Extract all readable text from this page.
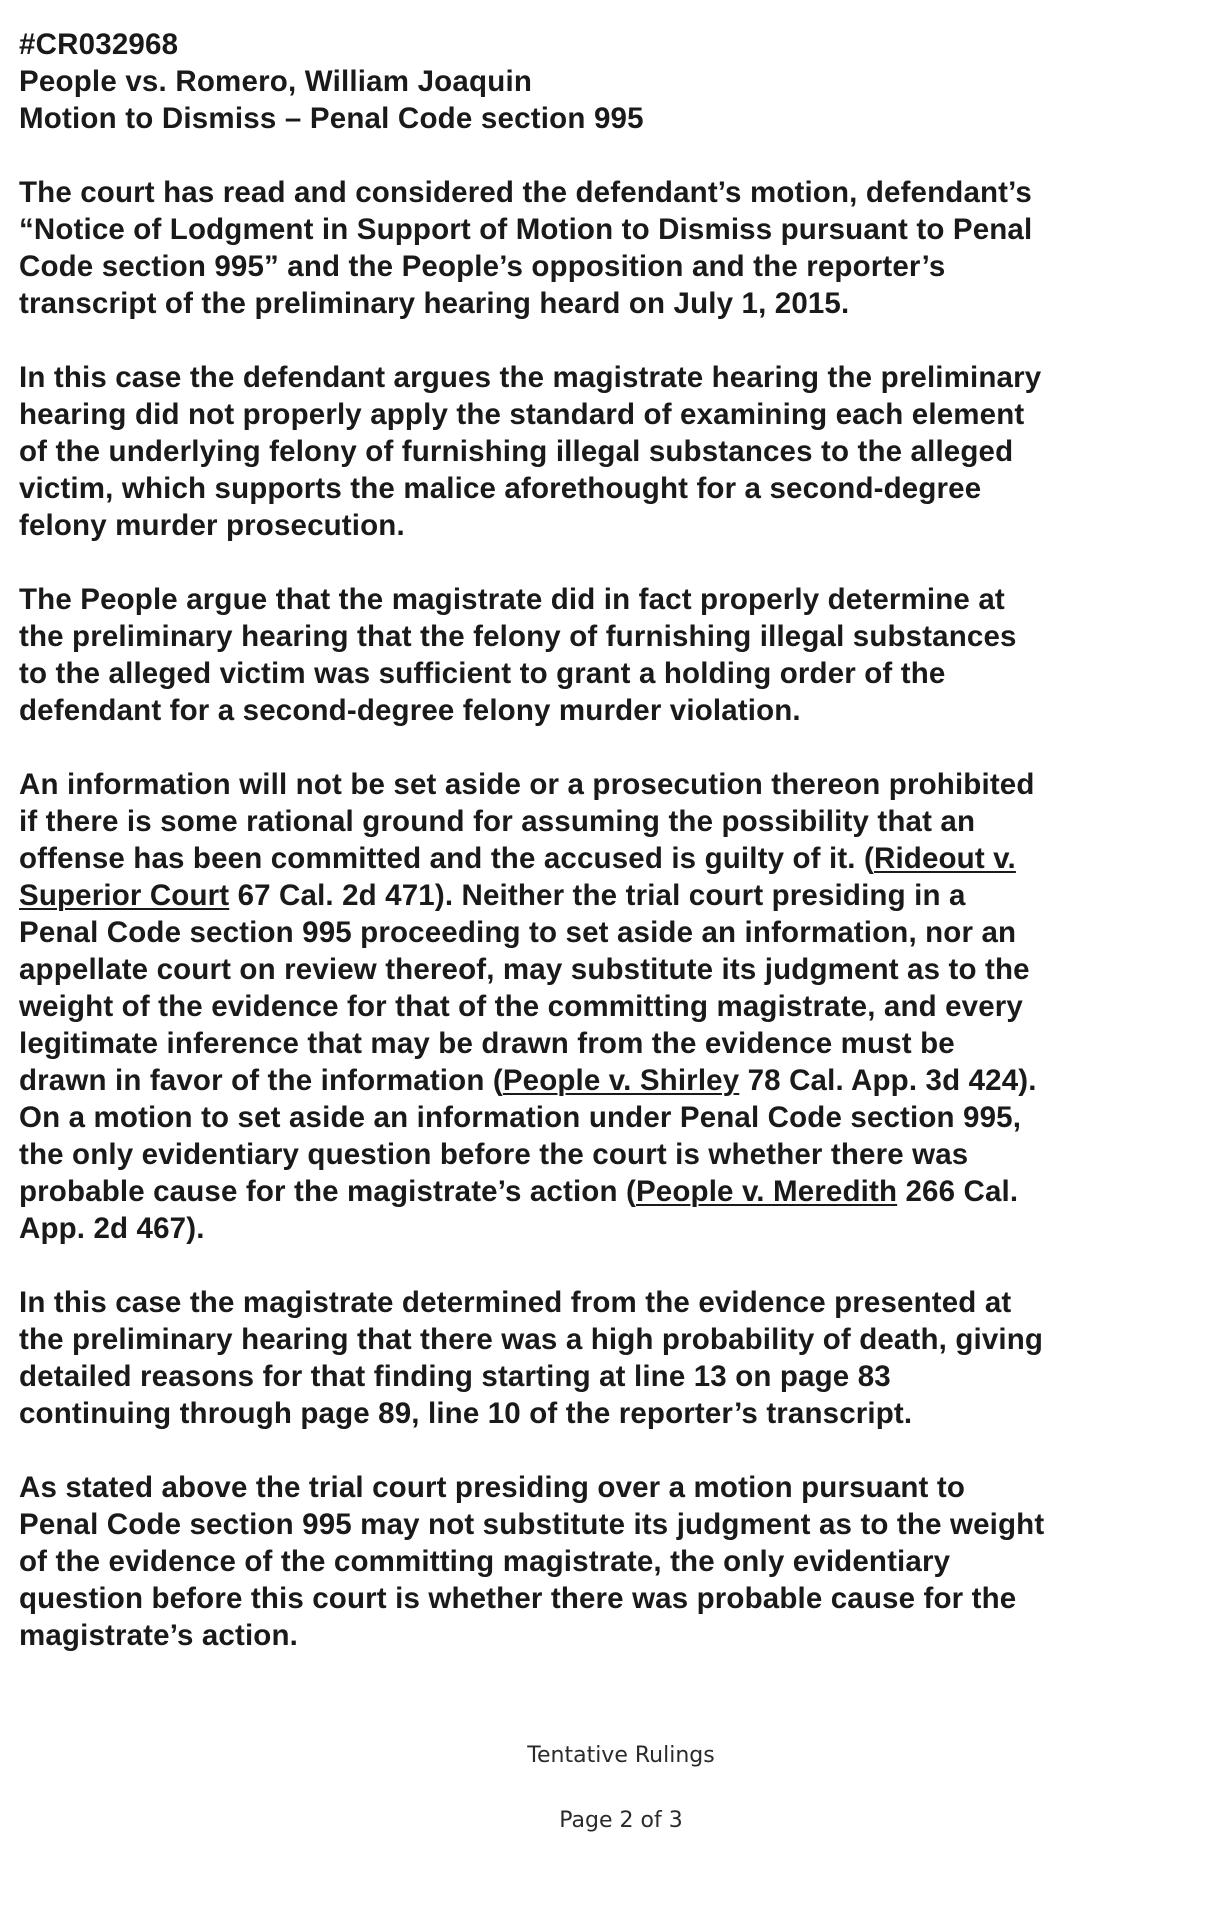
#CR032968
People vs. Romero, William Joaquin
Motion to Dismiss – Penal Code section 995
The court has read and considered the defendant’s motion, defendant’s
“Notice of Lodgment in Support of Motion to Dismiss pursuant to Penal
Code section 995” and the People’s opposition and the reporter’s
transcript of the preliminary hearing heard on July 1, 2015.
In this case the defendant argues the magistrate hearing the preliminary
hearing did not properly apply the standard of examining each element
of the underlying felony of furnishing illegal substances to the alleged
victim, which supports the malice aforethought for a second-degree
felony murder prosecution.
The People argue that the magistrate did in fact properly determine at
the preliminary hearing that the felony of furnishing illegal substances
to the alleged victim was sufficient to grant a holding order of the
defendant for a second-degree felony murder violation.
An information will not be set aside or a prosecution thereon prohibited
if there is some rational ground for assuming the possibility that an
offense has been committed and the accused is guilty of it. (Rideout v.
Superior Court 67 Cal. 2d 471). Neither the trial court presiding in a
Penal Code section 995 proceeding to set aside an information, nor an
appellate court on review thereof, may substitute its judgment as to the
weight of the evidence for that of the committing magistrate, and every
legitimate inference that may be drawn from the evidence must be
drawn in favor of the information (People v. Shirley 78 Cal. App. 3d 424).
On a motion to set aside an information under Penal Code section 995,
the only evidentiary question before the court is whether there was
probable cause for the magistrate’s action (People v. Meredith 266 Cal.
App. 2d 467).
In this case the magistrate determined from the evidence presented at
the preliminary hearing that there was a high probability of death, giving
detailed reasons for that finding starting at line 13 on page 83
continuing through page 89, line 10 of the reporter’s transcript.
As stated above the trial court presiding over a motion pursuant to
Penal Code section 995 may not substitute its judgment as to the weight
of the evidence of the committing magistrate, the only evidentiary
question before this court is whether there was probable cause for the
magistrate’s action.
Tentative Rulings
Page 2 of 3
